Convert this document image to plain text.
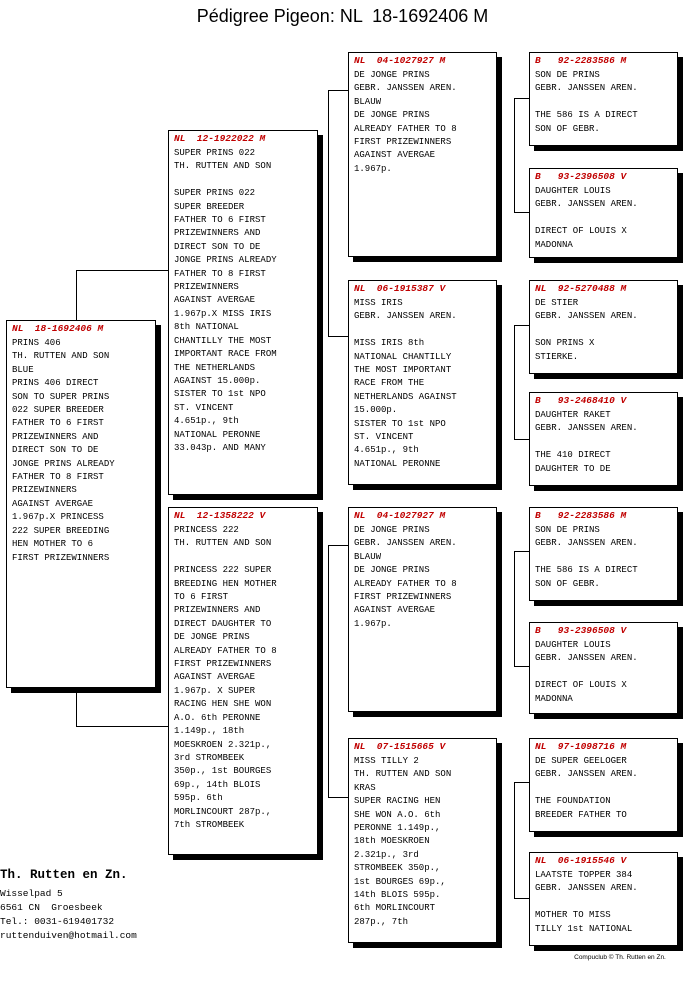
Pédigree Pigeon: NL  18-1692406 M
NL  18-1692406 M
PRINS 406
TH. RUTTEN AND SON
BLUE
PRINS 406 DIRECT
SON TO SUPER PRINS
022 SUPER BREEDER
FATHER TO 6 FIRST
PRIZEWINNERS AND
DIRECT SON TO DE
JONGE PRINS ALREADY
FATHER TO 8 FIRST
PRIZEWINNERS
AGAINST AVERGAE
1.967p.X PRINCESS
222 SUPER BREEDING
HEN MOTHER TO 6
FIRST PRIZEWINNERS
NL  12-1922022 M
SUPER PRINS 022
TH. RUTTEN AND SON

SUPER PRINS 022
SUPER BREEDER
FATHER TO 6 FIRST
PRIZEWINNERS AND
DIRECT SON TO DE
JONGE PRINS ALREADY
FATHER TO 8 FIRST
PRIZEWINNERS
AGAINST AVERGAE
1.967p.X MISS IRIS
8th NATIONAL
CHANTILLY THE MOST
IMPORTANT RACE FROM
THE NETHERLANDS
AGAINST 15.000p.
SISTER TO 1st NPO
ST. VINCENT
4.651p., 9th
NATIONAL PERONNE
33.043p. AND MANY
NL  12-1358222 V
PRINCESS 222
TH. RUTTEN AND SON

PRINCESS 222 SUPER
BREEDING HEN MOTHER
TO 6 FIRST
PRIZEWINNERS AND
DIRECT DAUGHTER TO
DE JONGE PRINS
ALREADY FATHER TO 8
FIRST PRIZEWINNERS
AGAINST AVERGAE
1.967p. X SUPER
RACING HEN SHE WON
A.O. 6th PERONNE
1.149p., 18th
MOESKROEN 2.321p.,
3rd STROMBEEK
350p., 1st BOURGES
69p., 14th BLOIS
595p. 6th
MORLINCOURT 287p.,
7th STROMBEEK
NL  04-1027927 M
DE JONGE PRINS
GEBR. JANSSEN AREN.
BLAUW
DE JONGE PRINS
ALREADY FATHER TO 8
FIRST PRIZEWINNERS
AGAINST AVERGAE
1.967p.
NL  06-1915387 V
MISS IRIS
GEBR. JANSSEN AREN.

MISS IRIS 8th
NATIONAL CHANTILLY
THE MOST IMPORTANT
RACE FROM THE
NETHERLANDS AGAINST
15.000p.
SISTER TO 1st NPO
ST. VINCENT
4.651p., 9th
NATIONAL PERONNE
NL  04-1027927 M
DE JONGE PRINS
GEBR. JANSSEN AREN.
BLAUW
DE JONGE PRINS
ALREADY FATHER TO 8
FIRST PRIZEWINNERS
AGAINST AVERGAE
1.967p.
NL  07-1515665 V
MISS TILLY 2
TH. RUTTEN AND SON
KRAS
SUPER RACING HEN
SHE WON A.O. 6th
PERONNE 1.149p.,
18th MOESKROEN
2.321p., 3rd
STROMBEEK 350p.,
1st BOURGES 69p.,
14th BLOIS 595p.
6th MORLINCOURT
287p., 7th
B   92-2283586 M
SON DE PRINS
GEBR. JANSSEN AREN.

THE 586 IS A DIRECT
SON OF GEBR.
B   93-2396508 V
DAUGHTER LOUIS
GEBR. JANSSEN AREN.

DIRECT OF LOUIS X
MADONNA
NL  92-5270488 M
DE STIER
GEBR. JANSSEN AREN.

SON PRINS X
STIERKE.
B   93-2468410 V
DAUGHTER RAKET
GEBR. JANSSEN AREN.

THE 410 DIRECT
DAUGHTER TO DE
B   92-2283586 M
SON DE PRINS
GEBR. JANSSEN AREN.

THE 586 IS A DIRECT
SON OF GEBR.
B   93-2396508 V
DAUGHTER LOUIS
GEBR. JANSSEN AREN.

DIRECT OF LOUIS X
MADONNA
NL  97-1098716 M
DE SUPER GEELOGER
GEBR. JANSSEN AREN.

THE FOUNDATION
BREEDER FATHER TO
NL  06-1915546 V
LAATSTE TOPPER 384
GEBR. JANSSEN AREN.

MOTHER TO MISS
TILLY 1st NATIONAL
Th. Rutten en Zn.
Wisselpad 5
6561 CN  Groesbeek
Tel.: 0031-619401732
ruttenduiven@hotmail.com
Compuclub © Th. Rutten en Zn.
